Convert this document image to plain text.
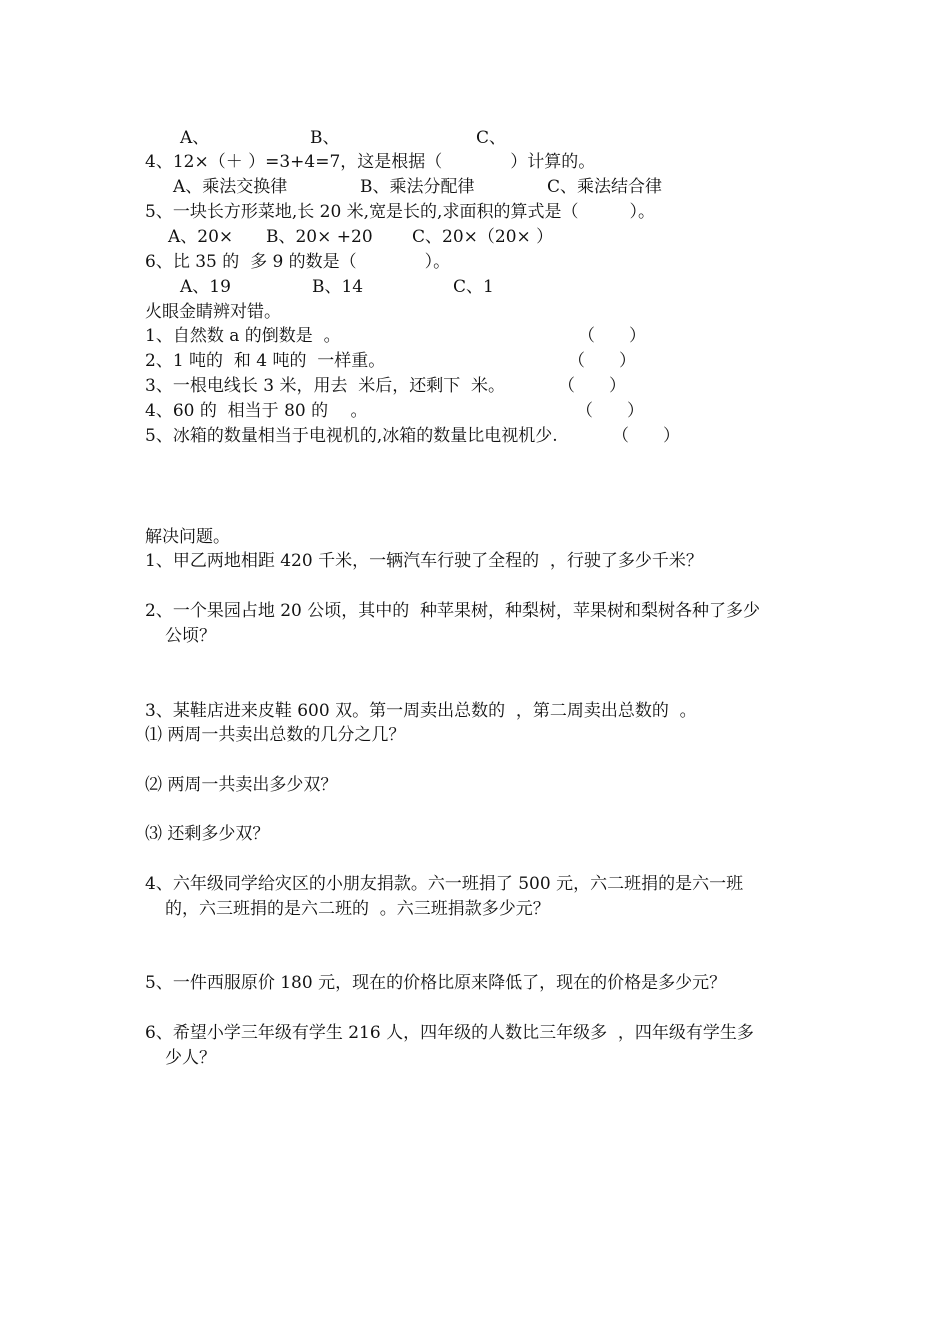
A、	B、	C、
4、12×（＋ ）=3+4=7，这是根据（　　　　）计算的。
A、乘法交换律	B、乘法分配律	C、乘法结合律
5、一块长方形菜地,长 20 米,宽是长的,求面积的算式是（　　　）。
A、20× B、20× +20 C、20×（20× ）
6、比 35 的  多 9 的数是（　　　　）。
A、19	B、14	C、1
火眼金睛辨对错。
1、自然数 a 的倒数是  。	（　　）
2、1 吨的  和 4 吨的  一样重。	（　　）
3、一根电线长 3 米，用去  米后，还剩下  米。	（　　）
4、60 的  相当于 80 的 　。	（　　）
5、冰箱的数量相当于电视机的,冰箱的数量比电视机少.	（　　）
解决问题。
1、甲乙两地相距 420 千米，一辆汽车行驶了全程的  ，行驶了多少千米？
2、一个果园占地 20 公顷，其中的  种苹果树，种梨树，苹果树和梨树各种了多少
公顷？
3、某鞋店进来皮鞋 600 双。第一周卖出总数的  ，第二周卖出总数的  。
⑴ 两周一共卖出总数的几分之几？
⑵ 两周一共卖出多少双？
⑶ 还剩多少双？
4、六年级同学给灾区的小朋友捐款。六一班捐了 500 元，六二班捐的是六一班
的，六三班捐的是六二班的  。六三班捐款多少元？
5、一件西服原价 180 元，现在的价格比原来降低了，现在的价格是多少元？
6、希望小学三年级有学生 216 人，四年级的人数比三年级多  ，四年级有学生多
少人？
